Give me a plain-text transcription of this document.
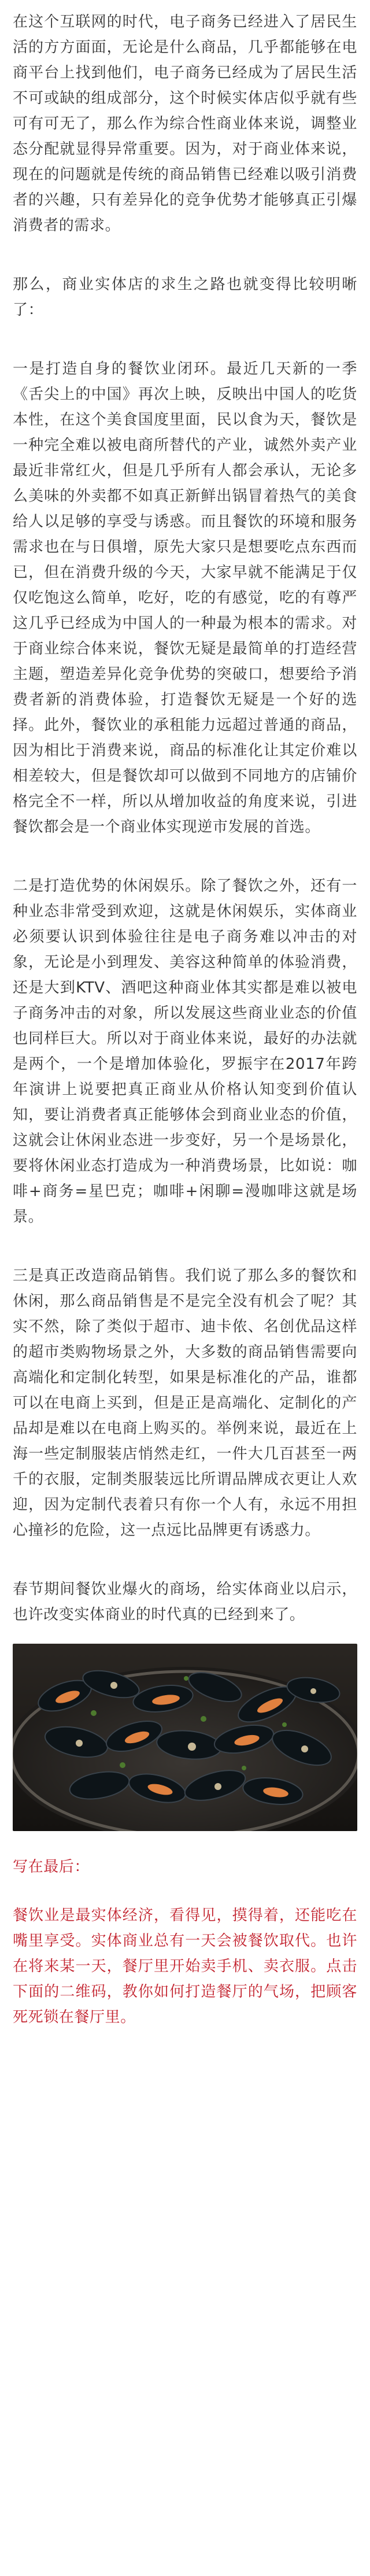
在这个互联网的时代，电子商务已经进入了居民生活的方方面面，无论是什么商品，几乎都能够在电商平台上找到他们，电子商务已经成为了居民生活不可或缺的组成部分，这个时候实体店似乎就有些可有可无了，那么作为综合性商业体来说，调整业态分配就显得异常重要。因为，对于商业体来说，现在的问题就是传统的商品销售已经难以吸引消费者的兴趣，只有差异化的竞争优势才能够真正引爆消费者的需求。

那么，商业实体店的求生之路也就变得比较明晰了：

一是打造自身的餐饮业闭环。最近几天新的一季《舌尖上的中国》再次上映，反映出中国人的吃货本性，在这个美食国度里面，民以食为天，餐饮是一种完全难以被电商所替代的产业，诚然外卖产业最近非常红火，但是几乎所有人都会承认，无论多么美味的外卖都不如真正新鲜出锅冒着热气的美食给人以足够的享受与诱惑。而且餐饮的环境和服务需求也在与日俱增，原先大家只是想要吃点东西而已，但在消费升级的今天，大家早就不能满足于仅仅吃饱这么简单，吃好，吃的有感觉，吃的有尊严这几乎已经成为中国人的一种最为根本的需求。对于商业综合体来说，餐饮无疑是最简单的打造经营主题，塑造差异化竞争优势的突破口，想要给予消费者新的消费体验，打造餐饮无疑是一个好的选择。此外，餐饮业的承租能力远超过普通的商品，因为相比于消费来说，商品的标准化让其定价难以相差较大，但是餐饮却可以做到不同地方的店铺价格完全不一样，所以从增加收益的角度来说，引进餐饮都会是一个商业体实现逆市发展的首选。

二是打造优势的休闲娱乐。除了餐饮之外，还有一种业态非常受到欢迎，这就是休闲娱乐，实体商业必须要认识到体验往往是电子商务难以冲击的对象，无论是小到理发、美容这种简单的体验消费，还是大到KTV、酒吧这种商业体其实都是难以被电子商务冲击的对象，所以发展这些商业业态的价值也同样巨大。所以对于商业体来说，最好的办法就是两个，一个是增加体验化，罗振宇在2017年跨年演讲上说要把真正商业从价格认知变到价值认知，要让消费者真正能够体会到商业业态的价值，这就会让休闲业态进一步变好，另一个是场景化，要将休闲业态打造成为一种消费场景，比如说：咖啡+商务=星巴克；咖啡+闲聊=漫咖啡这就是场景。

三是真正改造商品销售。我们说了那么多的餐饮和休闲，那么商品销售是不是完全没有机会了呢？其实不然，除了类似于超市、迪卡侬、名创优品这样的超市类购物场景之外，大多数的商品销售需要向高端化和定制化转型，如果是标准化的产品，谁都可以在电商上买到，但是正是高端化、定制化的产品却是难以在电商上购买的。举例来说，最近在上海一些定制服装店悄然走红，一件大几百甚至一两千的衣服，定制类服装远比所谓品牌成衣更让人欢迎，因为定制代表着只有你一个人有，永远不用担心撞衫的危险，这一点远比品牌更有诱惑力。

春节期间餐饮业爆火的商场，给实体商业以启示，也许改变实体商业的时代真的已经到来了。

写在最后：

餐饮业是最实体经济，看得见，摸得着，还能吃在嘴里享受。实体商业总有一天会被餐饮取代。也许在将来某一天，餐厅里开始卖手机、卖衣服。点击下面的二维码，教你如何打造餐厅的气场，把顾客死死锁在餐厅里。
